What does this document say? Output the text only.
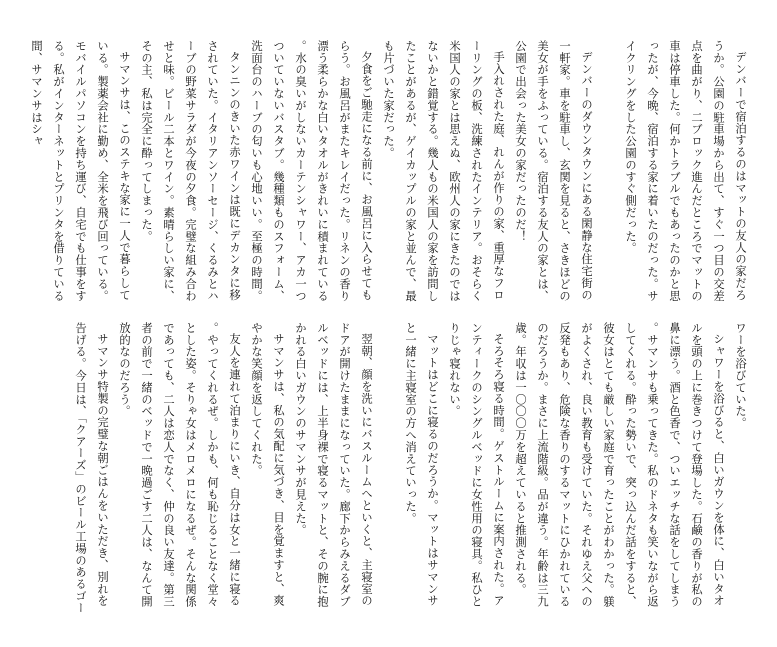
デンバーで宿泊するのはマットの友人の家だろうか。公園の駐車場から出て、すぐ一つ目の交差点を曲がり、二ブロック進んだところでマットの車は停車した。何かトラブルでもあったのかと思ったが、今晩、宿泊する家に着いたのだった。サイクリングをした公園のすぐ側だった。

デンバーのダウンタウンにある閑静な住宅街の一軒家。車を駐車し、玄関を見ると、さきほどの美女が手をふっている。宿泊する友人の家とは、公園で出会った美女の家だったのだ！

手入れされた庭、れんが作りの家、重厚なフローリングの板、洗練されたインテリア。おそらく米国人の家とは思えぬ、欧州人の家にきたのではないかと錯覚する。幾人もの米国人の家を訪問したことがあるが、ゲイカップルの家と並んで、最も片づいた家だった。

夕食をご馳走になる前に、お風呂に入らせてもらう。お風呂がまたキレイだった。リネンの香り漂う柔らかな白いタオルがきれいに積まれている。水の臭いがしないカーテンシャワー、アカ一つついていないバスタブ。幾種類ものスフォーム、洗面台のハーブの匂いも心地いい。至極の時間。

タンニンのきいた赤ワインは既にデカンタに移されていた。イタリアンソーセージ、くるみとハーブの野菜サラダが今夜の夕食。完璧な組み合わせと味。ビール二本とワイン。素晴らしい家に、その主、私は完全に酔ってしまった。

サマンサは、このステキな家に一人で暮らしている。製薬会社に勤め、全米を飛び回っている。モバイルパソコンを持ち運び、自宅でも仕事をする。私がインターネットとプリンタを借りている間、サマンサはシャ

ワーを浴びていた。

シャワーを浴びると、白いガウンを体に、白いタオルを頭の上に巻きつけて登場した。石鹸の香りが私の鼻に漂う。酒と色香で、ついエッチな話をしてしまう。サマンサも乗ってきた。私のドネタも笑いながら返してくれる。酔った勢いで、突っ込んだ話をすると、彼女はとても厳しい家庭で育ったことがわかった。躾がよくされ、良い教育も受けていた。それゆえ父への反発もあり、危険な香りのするマットにひかれているのだろうか。まさに上流階級。品が違う。年齢は三九歳。年収は一〇〇〇万を超えていると推測される。

そろそろ寝る時間。ゲストルームに案内された。アンティークのシングルベッドに女性用の寝具。私ひとりじゃ寝れない。

マットはどこに寝るのだろうか。マットはサマンサと一緒に主寝室の方へ消えていった。

翌朝、顔を洗いにバスルームへといくと、主寝室のドアが開けたままになっていた。廊下からみえるダブルベッドには、上半身裸で寝るマットと、その腕に抱かれる白いガウンのサマンサが見えた。

サマンサは、私の気配に気づき、目を覚ますと、爽やかな笑顔を返してくれた。

友人を連れて泊まりにいき、自分は女と一緒に寝る。やってくれるぜ。しかも、何も恥じることなく堂々とした姿。そりゃ女はメロメロになるぜ。そんな関係であっても、二人は恋人でなく、仲の良い友達。第三者の前で一緒のベッドで一晩過ごす二人は、なんて開放的なのだろう。

サマンサ特製の完璧な朝ごはんをいただき、別れを告げる。今日は、「クアーズ」のビール工場のあるゴー
